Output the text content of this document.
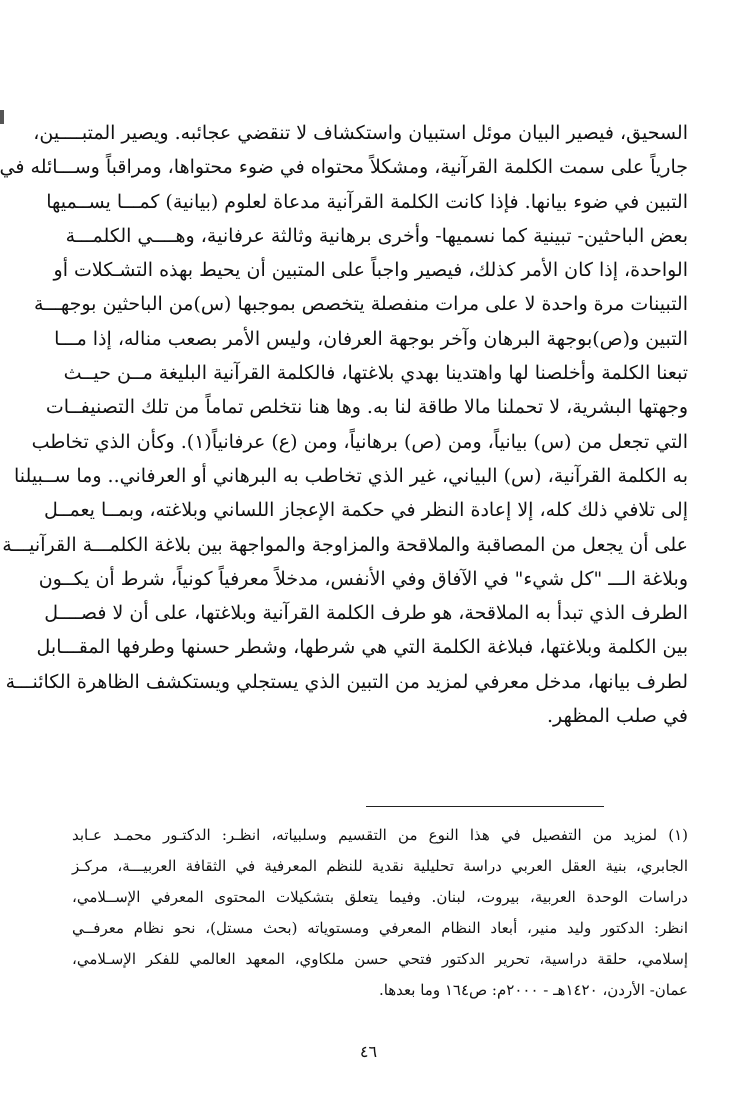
السحيق، فيصير البيان موئل استبيان واستكشاف لا تنقضي عجائبه. ويصير المتبــــين،
جارياً على سمت الكلمة القرآنية، ومشكلاً محتواه في ضوء محتواها، ومراقباً وســـائله في
التبين في ضوء بيانها. فإذا كانت الكلمة القرآنية مدعاة لعلوم (بيانية) كمـــا يســميها
بعض الباحثين- تبينية كما نسميها- وأخرى برهانية وثالثة عرفانية، وهــــي الكلمـــة
الواحدة، إذا كان الأمر كذلك، فيصير واجباً على المتبين أن يحيط بهذه التشـكلات أو
التبينات مرة واحدة لا على مرات منفصلة يتخصص بموجبها (س)من الباحثين بوجهـــة
التبين و(ص)بوجهة البرهان وآخر بوجهة العرفان، وليس الأمر بصعب مناله، إذا مـــا
تبعنا الكلمة وأخلصنا لها واهتدينا بهدي بلاغتها، فالكلمة القرآنية البليغة مــن حيــث
وجهتها البشرية، لا تحملنا مالا طاقة لنا به. وها هنا نتخلص تماماً من تلك التصنيفــات
التي تجعل من (س) بيانياً، ومن (ص) برهانياً، ومن (ع) عرفانياً(١). وكأن الذي تخاطب
به الكلمة القرآنية، (س) البياني، غير الذي تخاطب به البرهاني أو العرفاني.. وما ســبيلنا
إلى تلافي ذلك كله، إلا إعادة النظر في حكمة الإعجاز اللساني وبلاغته، وبمــا يعمــل
على أن يجعل من المصاقبة والملاقحة والمزاوجة والمواجهة بين بلاغة الكلمـــة القرآنيـــة
وبلاغة الـــ "كل شيء" في الآفاق وفي الأنفس، مدخلاً معرفياً كونياً، شرط أن يكــون
الطرف الذي تبدأ به الملاقحة، هو طرف الكلمة القرآنية وبلاغتها، على أن لا فصــــل
بين الكلمة وبلاغتها، فبلاغة الكلمة التي هي شرطها، وشطر حسنها وطرفها المقـــابل
لطرف بيانها، مدخل معرفي لمزيد من التبين الذي يستجلي ويستكشف الظاهرة الكائنـــة
في صلب المظهر.
(١) لمزيد من التفصيل في هذا النوع من التقسيم وسلبياته، انظـر: الدكتـور محمـد عـابد
الجابري، بنية العقل العربي دراسة تحليلية نقدية للنظم المعرفية في الثقافة العربيـــة، مركـز
دراسات الوحدة العربية، بيروت، لبنان. وفيما يتعلق بتشكيلات المحتوى المعرفي الإســلامي،
انظر: الدكتور وليد منير، أبعاد النظام المعرفي ومستوياته (بحث مستل)، نحو نظام معرفــي
إسلامي، حلقة دراسية، تحرير الدكتور فتحي حسن ملكاوي، المعهد العالمي للفكر الإسـلامي،
عمان- الأردن، ١٤٢٠هـ - ٢٠٠٠م: ص١٦٤ وما بعدها.
٤٦
